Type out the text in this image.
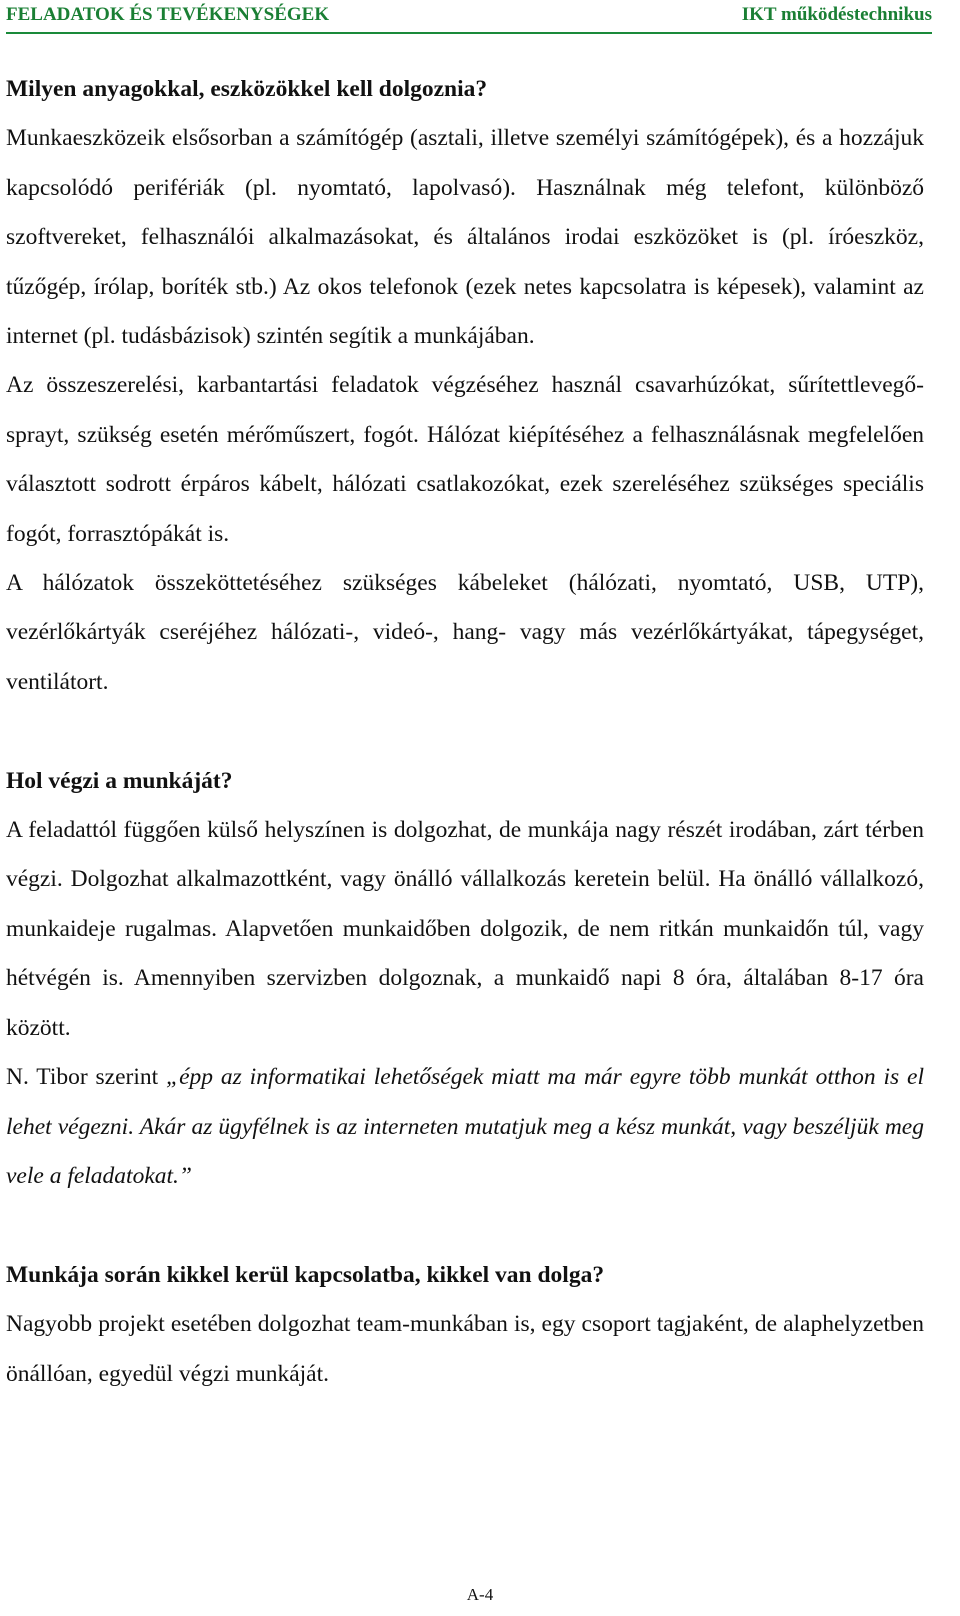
FELADATOK ÉS TEVÉKENYSÉGEK	IKT működéstechnikus
Milyen anyagokkal, eszközökkel kell dolgoznia?

Munkaeszközeik elsősorban a számítógép (asztali, illetve személyi számítógépek), és a hozzájuk kapcsolódó perifériák (pl. nyomtató, lapolvasó). Használnak még telefont, különböző szoftvereket, felhasználói alkalmazásokat, és általános irodai eszközöket is (pl. íróeszköz, tűzőgép, írólap, boríték stb.) Az okos telefonok (ezek netes kapcsolatra is képesek), valamint az internet (pl. tudásbázisok) szintén segítik a munkájában.

Az összeszerelési, karbantartási feladatok végzéséhez használ csavarhúzókat, sűrítettlevegő-sprayt, szükség esetén mérőműszert, fogót. Hálózat kiépítéséhez a felhasználásnak megfelelően választott sodrott érpáros kábelt, hálózati csatlakozókat, ezek szereléséhez szükséges speciális fogót, forrasztópákát is.

A hálózatok összeköttetéséhez szükséges kábeleket (hálózati, nyomtató, USB, UTP), vezérlőkártyák cseréjéhez hálózati-, videó-, hang- vagy más vezérlőkártyákat, tápegységet, ventilátort.

Hol végzi a munkáját?

A feladattól függően külső helyszínen is dolgozhat, de munkája nagy részét irodában, zárt térben végzi. Dolgozhat alkalmazottként, vagy önálló vállalkozás keretein belül. Ha önálló vállalkozó, munkaideje rugalmas. Alapvetően munkaidőben dolgozik, de nem ritkán munkaidőn túl, vagy hétvégén is. Amennyiben szervizben dolgoznak, a munkaidő napi 8 óra, általában 8-17 óra között.

N. Tibor szerint „épp az informatikai lehetőségek miatt ma már egyre több munkát otthon is el lehet végezni. Akár az ügyfélnek is az interneten mutatjuk meg a kész munkát, vagy beszéljük meg vele a feladatokat.”

Munkája során kikkel kerül kapcsolatba, kikkel van dolga?

Nagyobb projekt esetében dolgozhat team-munkában is, egy csoport tagjaként, de alaphelyzetben önállóan, egyedül végzi munkáját.

A-4
